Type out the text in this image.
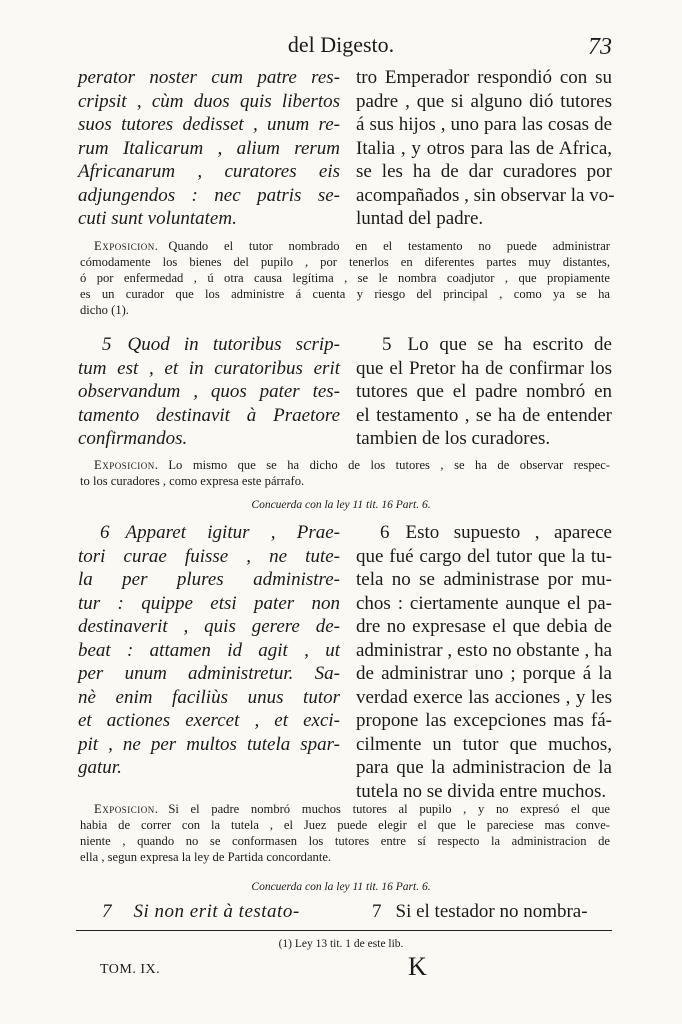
del Digesto.	73
perator noster cum patre res-
cripsit , cùm duos quis libertos
suos tutores dedisset , unum re-
rum Italicarum , alium rerum
Africanarum , curatores eis
adjungendos : nec patris se-
cuti sunt voluntatem.
tro Emperador respondió con su
padre , que si alguno dió tutores
á sus hijos , uno para las cosas de
Italia , y otros para las de Africa,
se les ha de dar curadores por
acompañados , sin observar la vo-
luntad del padre.
Exposicion. Quando el tutor nombrado en el testamento no puede administrar
cómodamente los bienes del pupilo , por tenerlos en diferentes partes muy distantes,
ó por enfermedad , ú otra causa legítima , se le nombra coadjutor , que propiamente
es un curador que los administre á cuenta y riesgo del principal , como ya se ha
dicho (1).
5 Quod in tutoribus scrip-
tum est , et in curatoribus erit
observandum , quos pater tes-
tamento destinavit à Praetore
confirmandos.
5 Lo que se ha escrito de
que el Pretor ha de confirmar los
tutores que el padre nombró en
el testamento , se ha de entender
tambien de los curadores.
Exposicion. Lo mismo que se ha dicho de los tutores , se ha de observar respec-
to los curadores , como expresa este párrafo.
Concuerda con la ley 11 tit. 16 Part. 6.
6 Apparet igitur , Prae-
tori curae fuisse , ne tute-
la per plures administre-
tur : quippe etsi pater non
destinaverit , quis gerere de-
beat : attamen id agit , ut
per unum administretur. Sa-
nè enim faciliùs unus tutor
et actiones exercet , et exci-
pit , ne per multos tutela spar-
gatur.
6 Esto supuesto , aparece
que fué cargo del tutor que la tu-
tela no se administrase por mu-
chos : ciertamente aunque el pa-
dre no expresase el que debia de
administrar , esto no obstante , ha
de administrar uno ; porque á la
verdad exerce las acciones , y les
propone las excepciones mas fá-
cilmente un tutor que muchos,
para que la administracion de la
tutela no se divida entre muchos.
Exposicion. Si el padre nombró muchos tutores al pupilo , y no expresó el que
habia de correr con la tutela , el Juez puede elegir el que le pareciese mas conve-
niente , quando no se conformasen los tutores entre sí respecto la administracion de
ella , segun expresa la ley de Partida concordante.
Concuerda con la ley 11 tit. 16 Part. 6.
7 Si non erit à testato-	7 Si el testador no nombra-
(1) Ley 13 tit. 1 de este lib.
TOM. IX.	K
